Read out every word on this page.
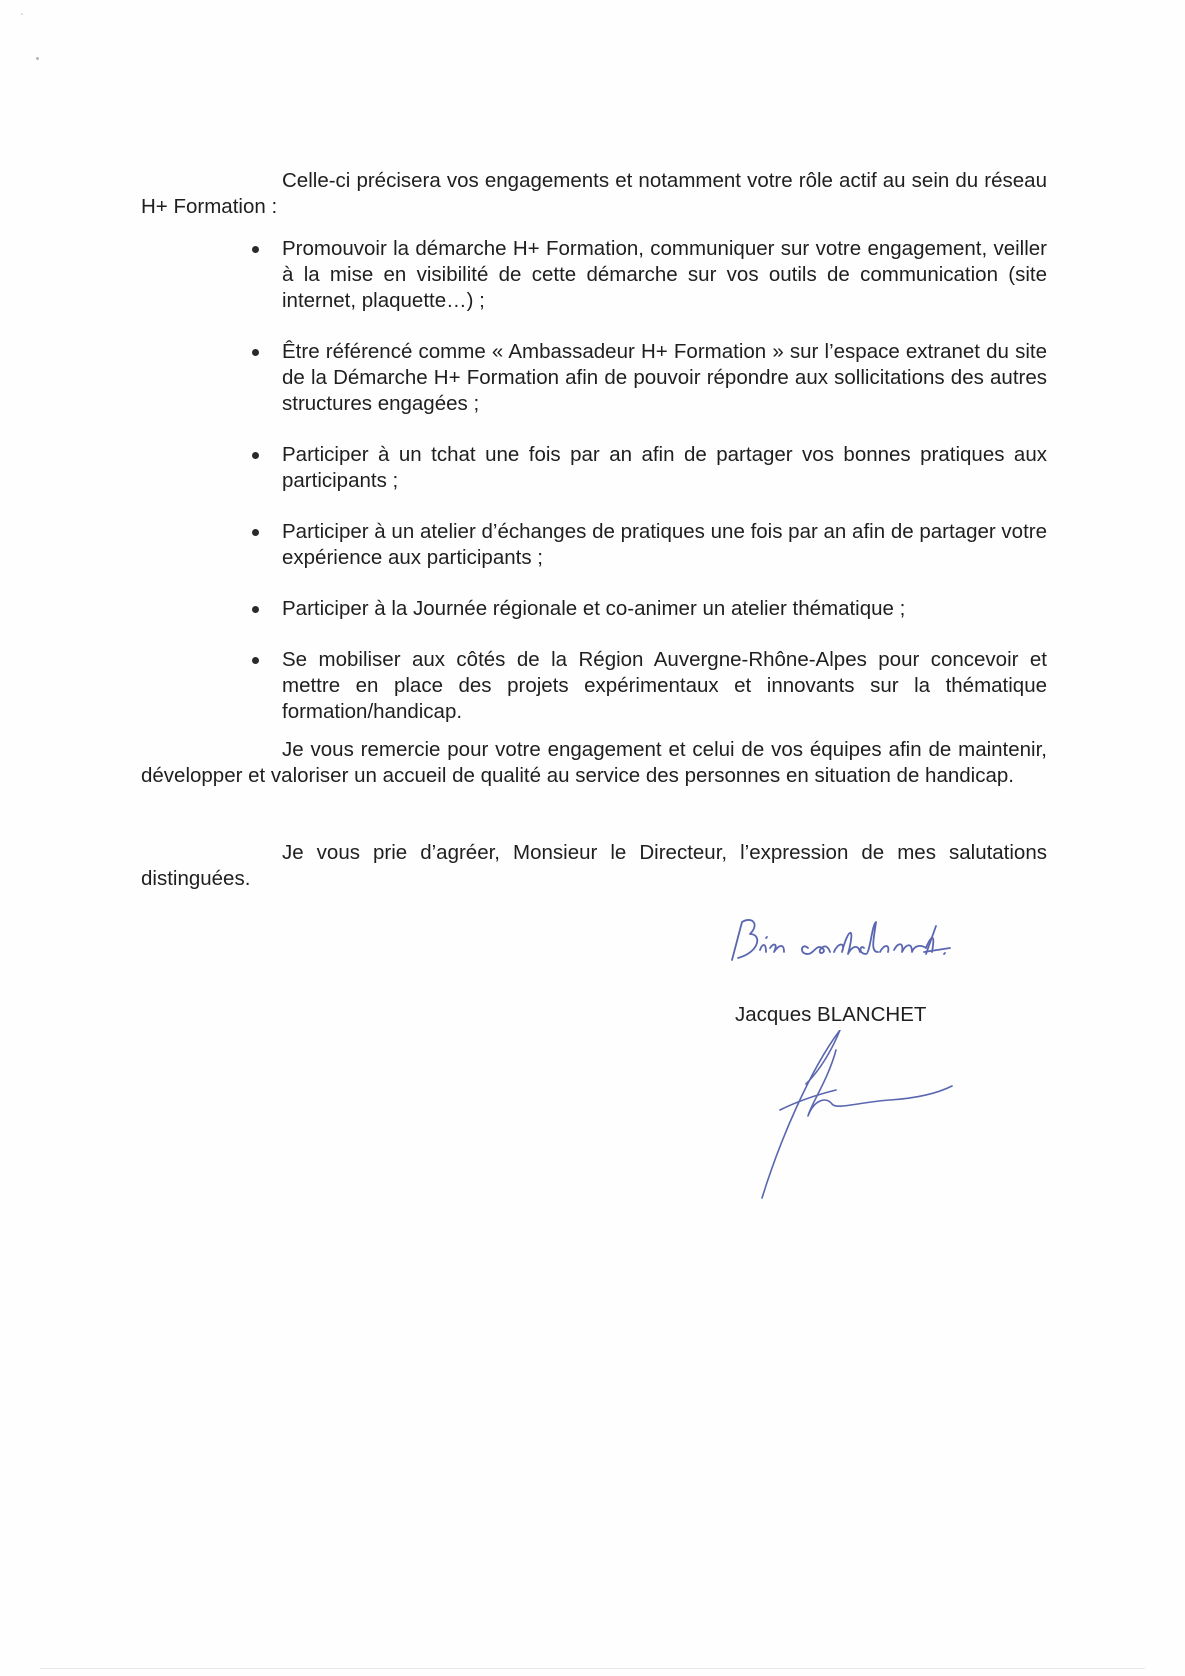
Celle-ci précisera vos engagements et notamment votre rôle actif au sein du réseau H+ Formation :

Promouvoir la démarche H+ Formation, communiquer sur votre engagement, veiller à la mise en visibilité de cette démarche sur vos outils de communication (site internet, plaquette…) ;
Être référencé comme « Ambassadeur H+ Formation » sur l’espace extranet du site de la Démarche H+ Formation afin de pouvoir répondre aux sollicitations des autres structures engagées ;
Participer à un tchat une fois par an afin de partager vos bonnes pratiques aux participants ;
Participer à un atelier d’échanges de pratiques une fois par an afin de partager votre expérience aux participants ;
Participer à la Journée régionale et co-animer un atelier thématique ;
Se mobiliser aux côtés de la Région Auvergne-Rhône-Alpes pour concevoir et mettre en place des projets expérimentaux et innovants sur la thématique formation/handicap.

Je vous remercie pour votre engagement et celui de vos équipes afin de maintenir, développer et valoriser un accueil de qualité au service des personnes en situation de handicap.

Je vous prie d’agréer, Monsieur le Directeur, l’expression de mes salutations distinguées.

Jacques BLANCHET
